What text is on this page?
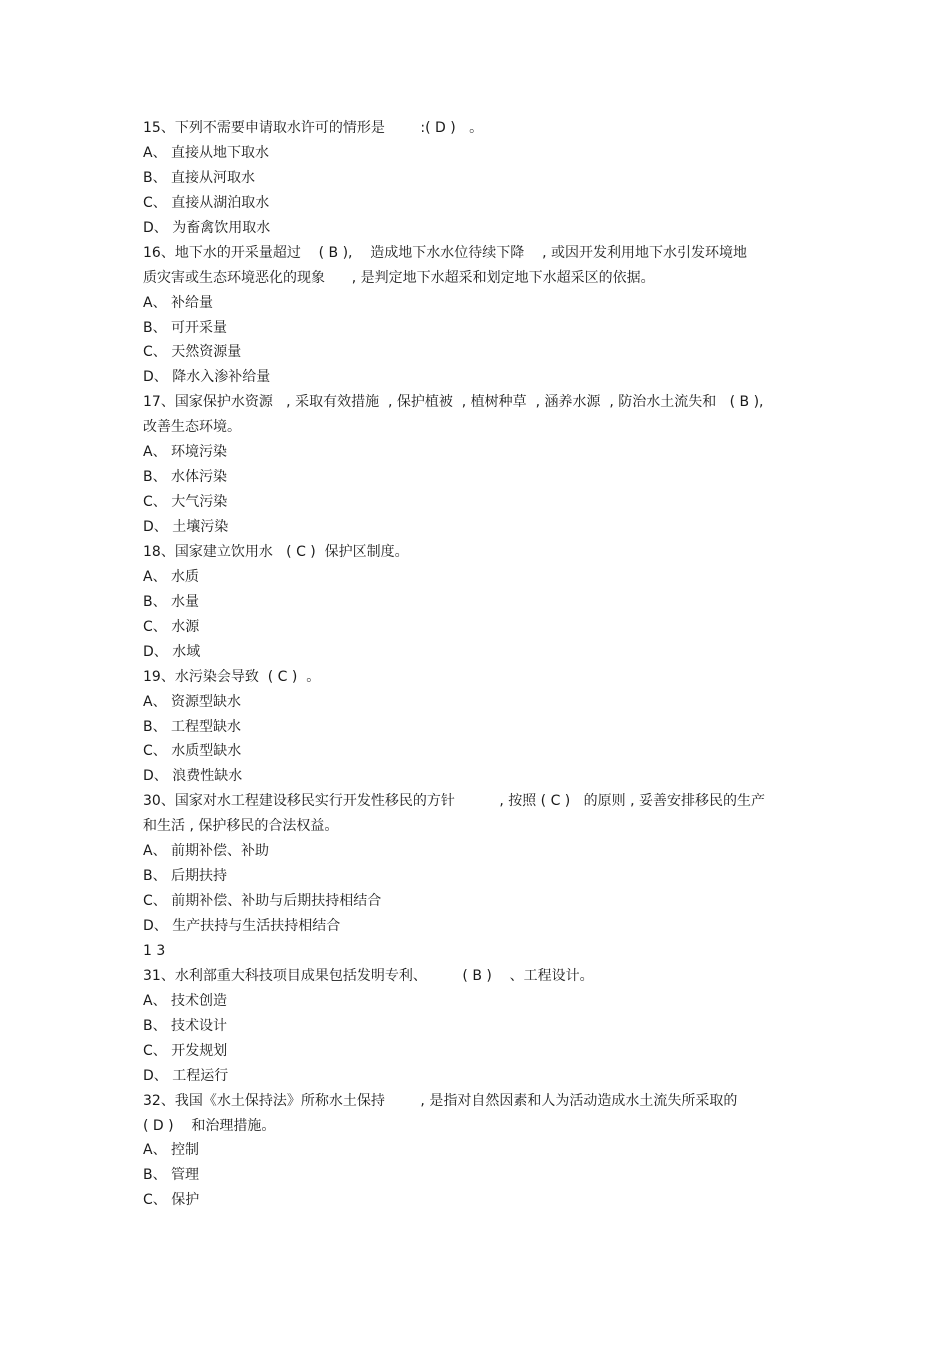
15、下列不需要申请取水许可的情形是        :( D )   。
A、 直接从地下取水
B、 直接从河取水
C、 直接从湖泊取水
D、 为畜禽饮用取水
16、地下水的开采量超过    ( B ),    造成地下水水位待续下降    , 或因开发利用地下水引发环境地
质灾害或生态环境恶化的现象      , 是判定地下水超采和划定地下水超采区的依据。
A、 补给量
B、 可开采量
C、 天然资源量
D、 降水入渗补给量
17、国家保护水资源   , 采取有效措施  , 保护植被  , 植树种草  , 涵养水源  , 防治水土流失和   ( B ),
改善生态环境。
A、 环境污染
B、 水体污染
C、 大气污染
D、 土壤污染
18、国家建立饮用水   ( C )  保护区制度。
A、 水质
B、 水量
C、 水源
D、 水域
19、水污染会导致  ( C )  。
A、 资源型缺水
B、 工程型缺水
C、 水质型缺水
D、 浪费性缺水
30、国家对水工程建设移民实行开发性移民的方针          , 按照 ( C )   的原则 , 妥善安排移民的生产
和生活 , 保护移民的合法权益。
A、 前期补偿、补助
B、 后期扶持
C、 前期补偿、补助与后期扶持相结合
D、 生产扶持与生活扶持相结合
1 3
31、水利部重大科技项目成果包括发明专利、        ( B )    、工程设计。
A、 技术创造
B、 技术设计
C、 开发规划
D、 工程运行
32、我国《水土保持法》所称水土保持        , 是指对自然因素和人为活动造成水土流失所采取的
( D )    和治理措施。
A、 控制
B、 管理
C、 保护
